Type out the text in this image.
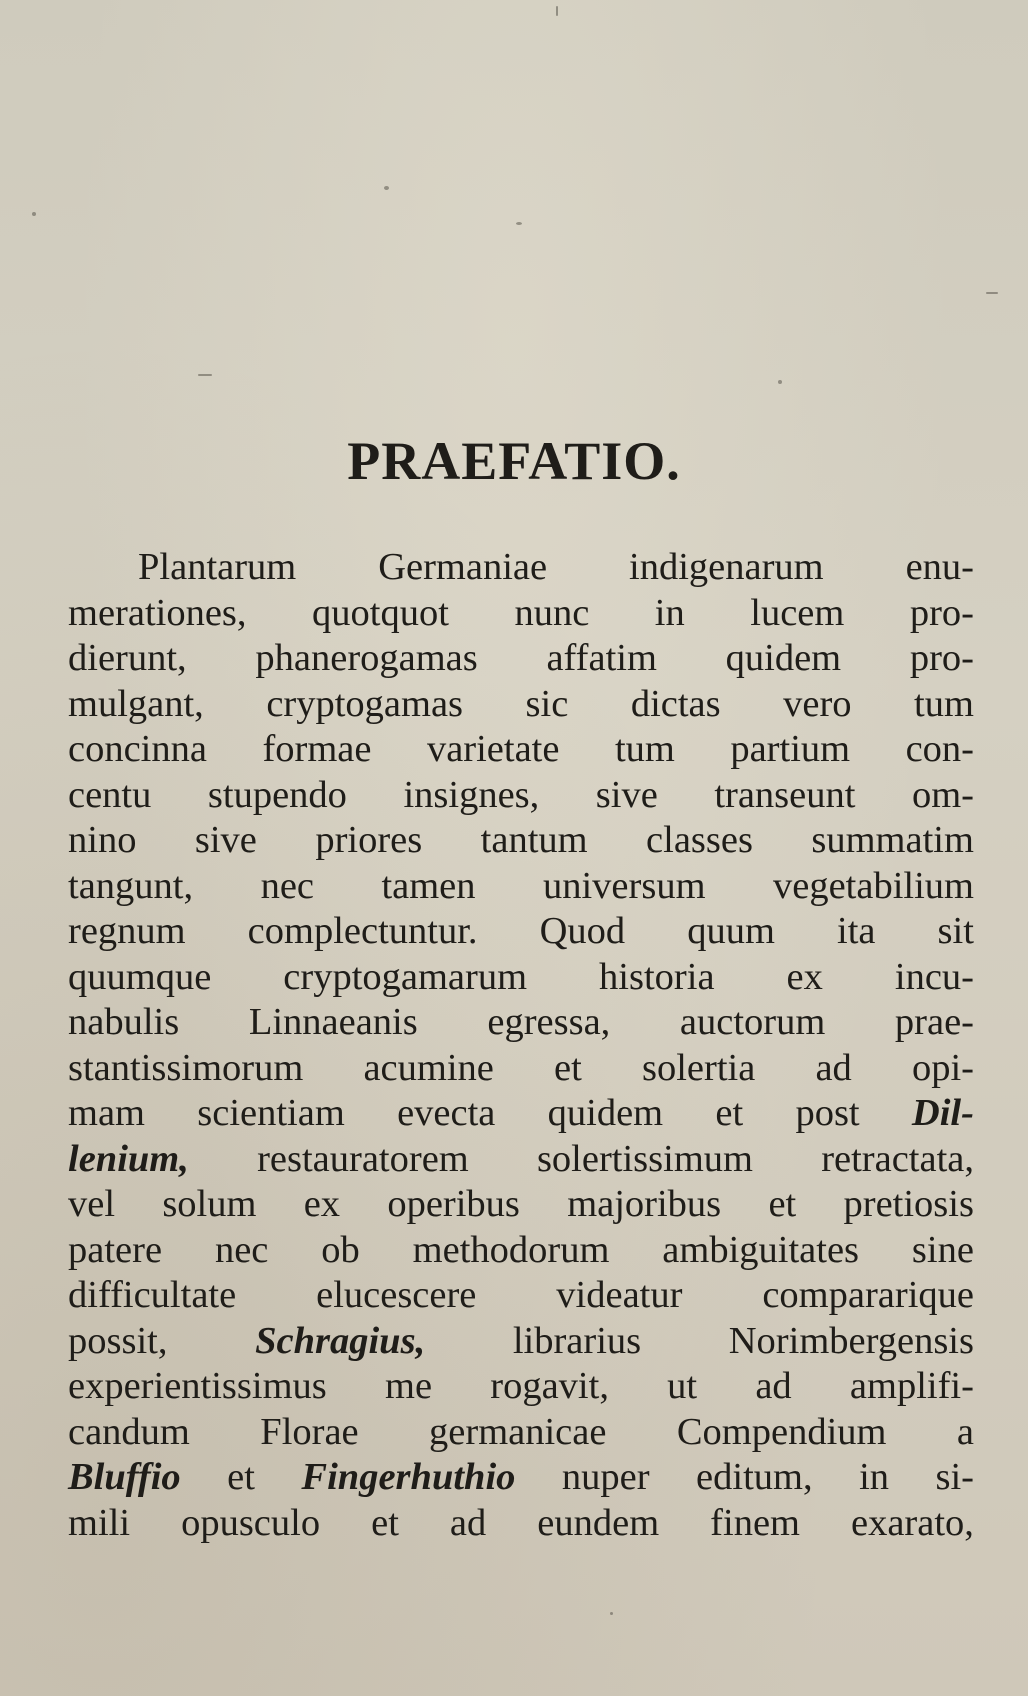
PRAEFATIO.
Plantarum Germaniae indigenarum enu-
merationes, quotquot nunc in lucem pro-
dierunt, phanerogamas affatim quidem pro-
mulgant, cryptogamas sic dictas vero tum
concinna formae varietate tum partium con-
centu stupendo insignes, sive transeunt om-
nino sive priores tantum classes summatim
tangunt, nec tamen universum vegetabilium
regnum complectuntur. Quod quum ita sit
quumque cryptogamarum historia ex incu-
nabulis Linnaeanis egressa, auctorum prae-
stantissimorum acumine et solertia ad opi-
mam scientiam evecta quidem et post Dil-
lenium, restauratorem solertissimum retractata,
vel solum ex operibus majoribus et pretiosis
patere nec ob methodorum ambiguitates sine
difficultate elucescere videatur compararique
possit, Schragius, librarius Norimbergensis
experientissimus me rogavit, ut ad amplifi-
candum Florae germanicae Compendium a
Bluffio et Fingerhuthio nuper editum, in si-
mili opusculo et ad eundem finem exarato,
